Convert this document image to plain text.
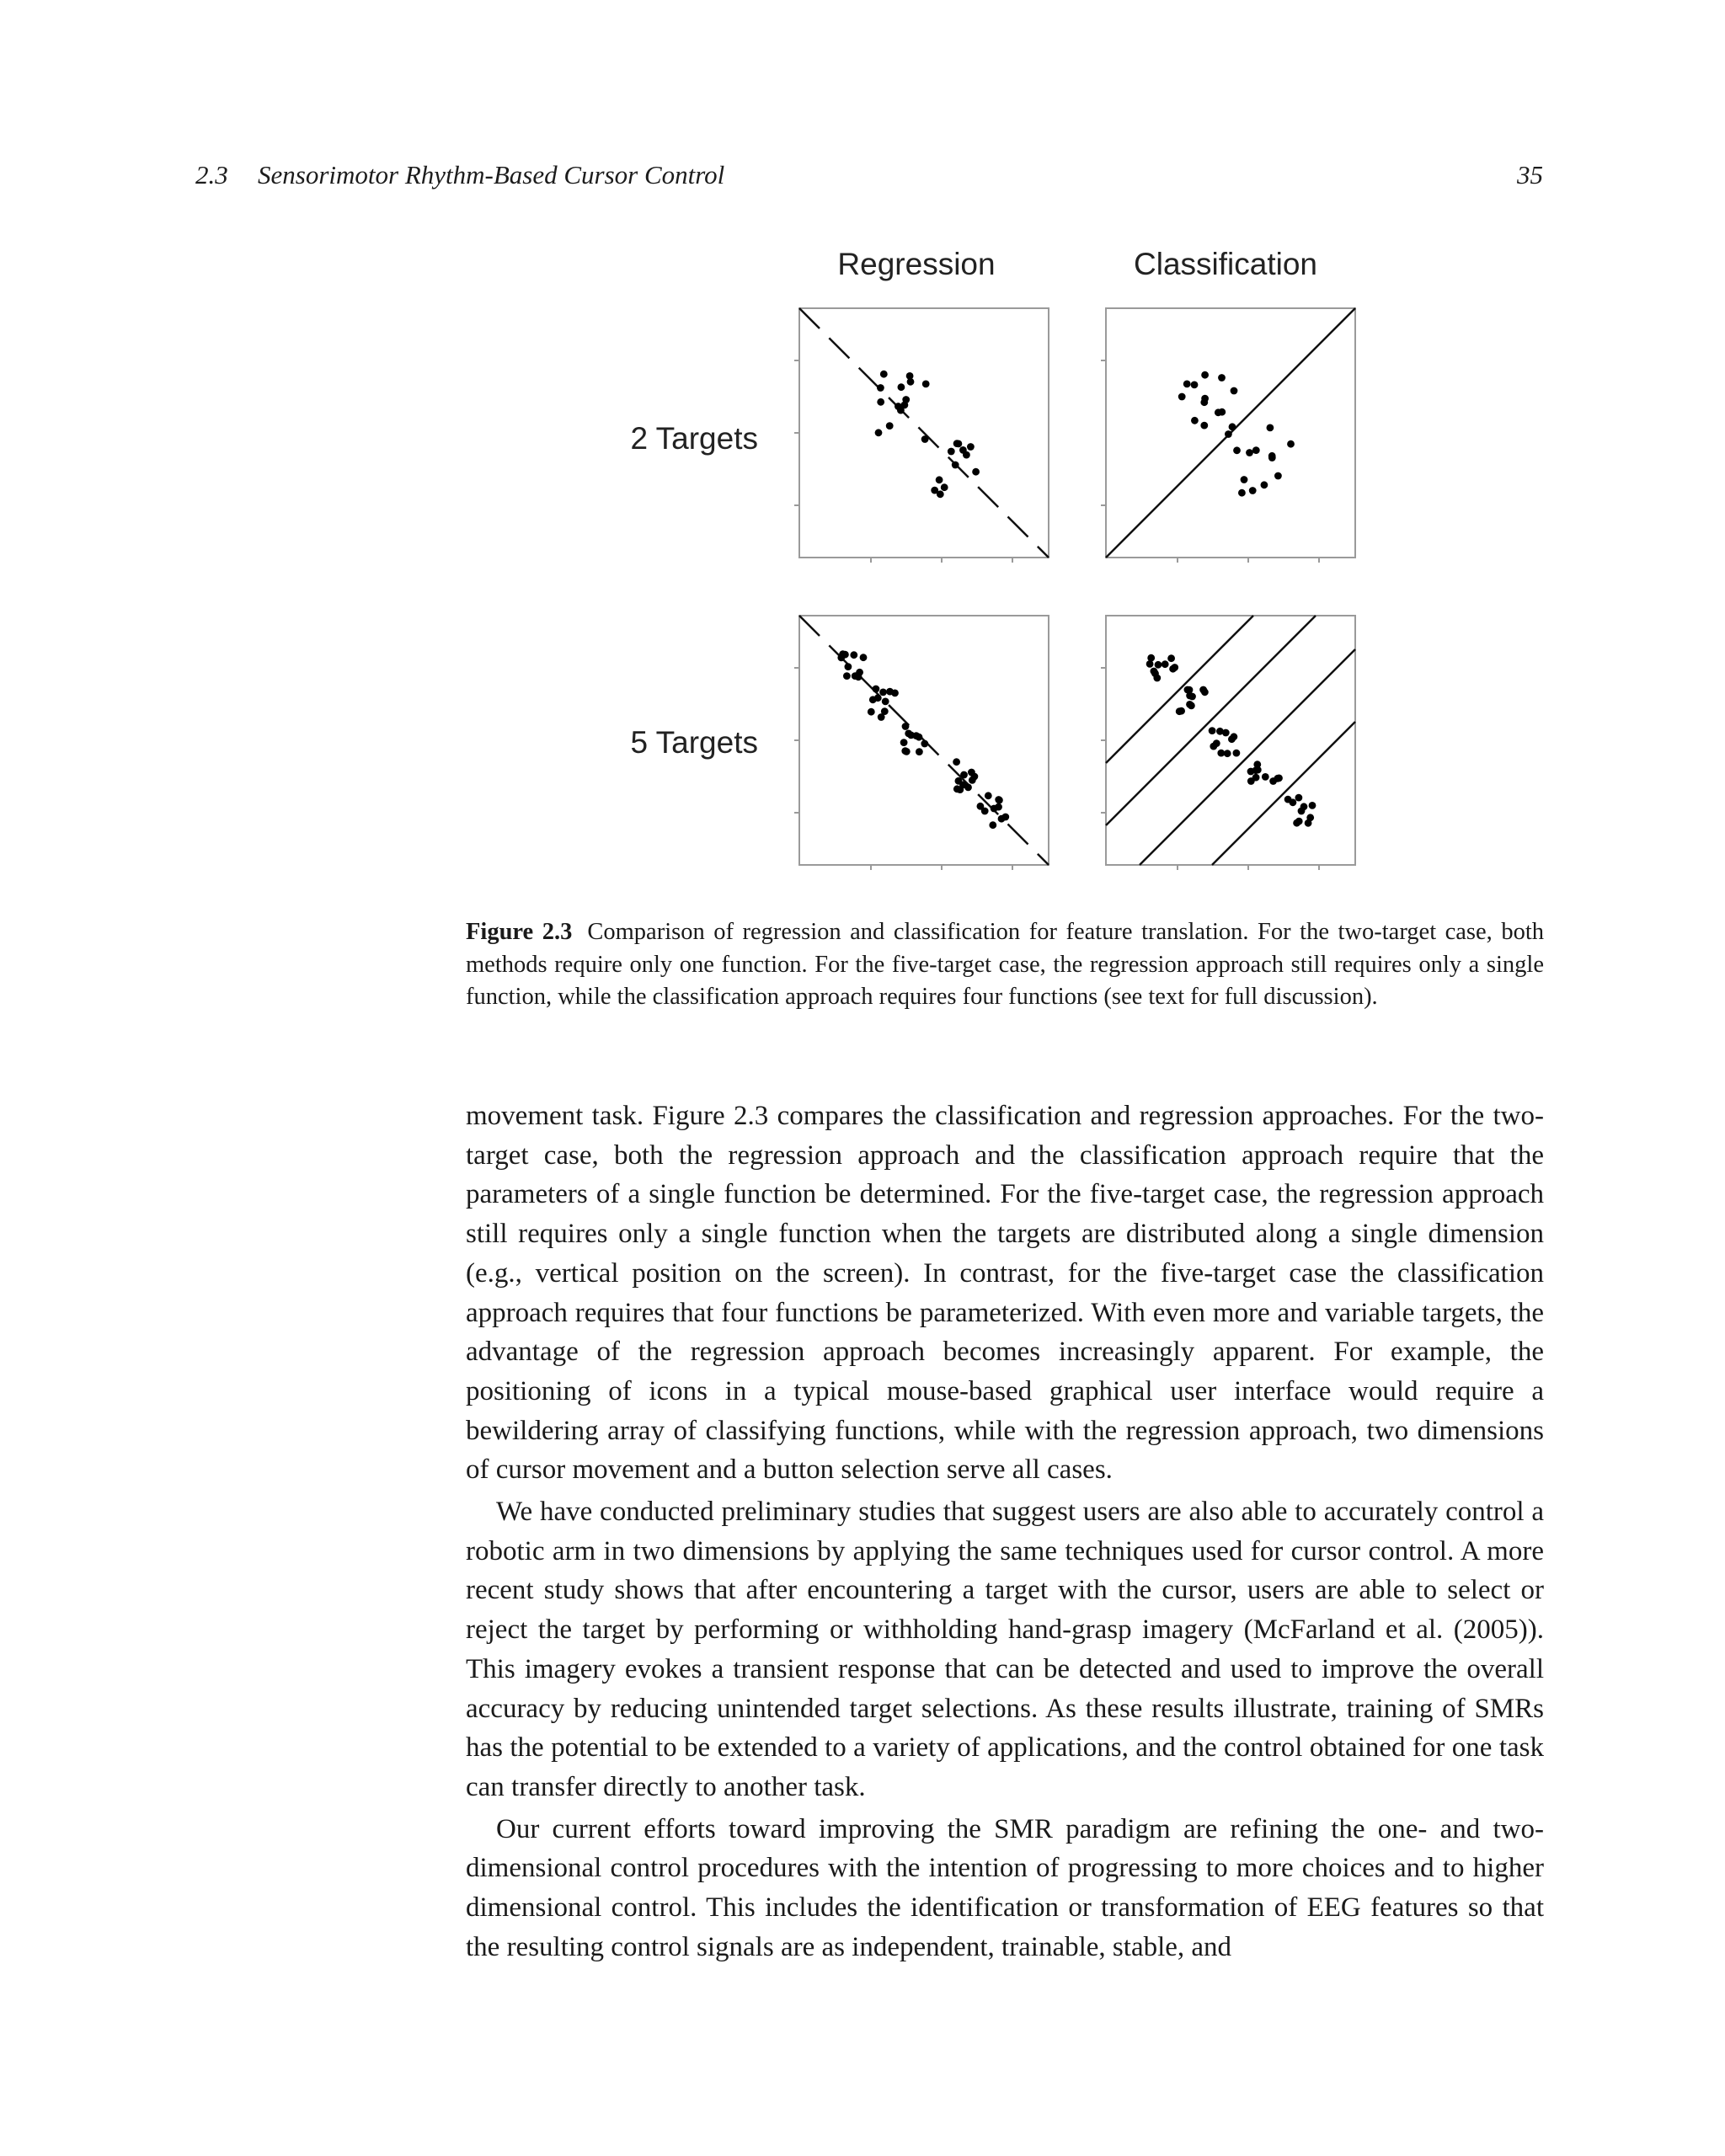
2.3 Sensorimotor Rhythm-Based Cursor Control	35
Regression	Classification
2 Targets
5 Targets

Figure 2.3 Comparison of regression and classification for feature translation. For the two-target case, both methods require only one function. For the five-target case, the regression approach still requires only a single function, while the classification approach requires four functions (see text for full discussion).

movement task. Figure 2.3 compares the classification and regression approaches. For the two-target case, both the regression approach and the classification approach require that the parameters of a single function be determined. For the five-target case, the regression approach still requires only a single function when the targets are distributed along a single dimension (e.g., vertical position on the screen). In contrast, for the five-target case the classification approach requires that four functions be parameterized. With even more and variable targets, the advantage of the regression approach becomes increasingly apparent. For example, the positioning of icons in a typical mouse-based graphical user interface would require a bewildering array of classifying functions, while with the regression approach, two dimensions of cursor movement and a button selection serve all cases.

We have conducted preliminary studies that suggest users are also able to accurately control a robotic arm in two dimensions by applying the same techniques used for cursor control. A more recent study shows that after encountering a target with the cursor, users are able to select or reject the target by performing or withholding hand-grasp imagery (McFarland et al. (2005)). This imagery evokes a transient response that can be detected and used to improve the overall accuracy by reducing unintended target selections. As these results illustrate, training of SMRs has the potential to be extended to a variety of applications, and the control obtained for one task can transfer directly to another task.

Our current efforts toward improving the SMR paradigm are refining the one- and two-dimensional control procedures with the intention of progressing to more choices and to higher dimensional control. This includes the identification or transformation of EEG features so that the resulting control signals are as independent, trainable, stable, and
